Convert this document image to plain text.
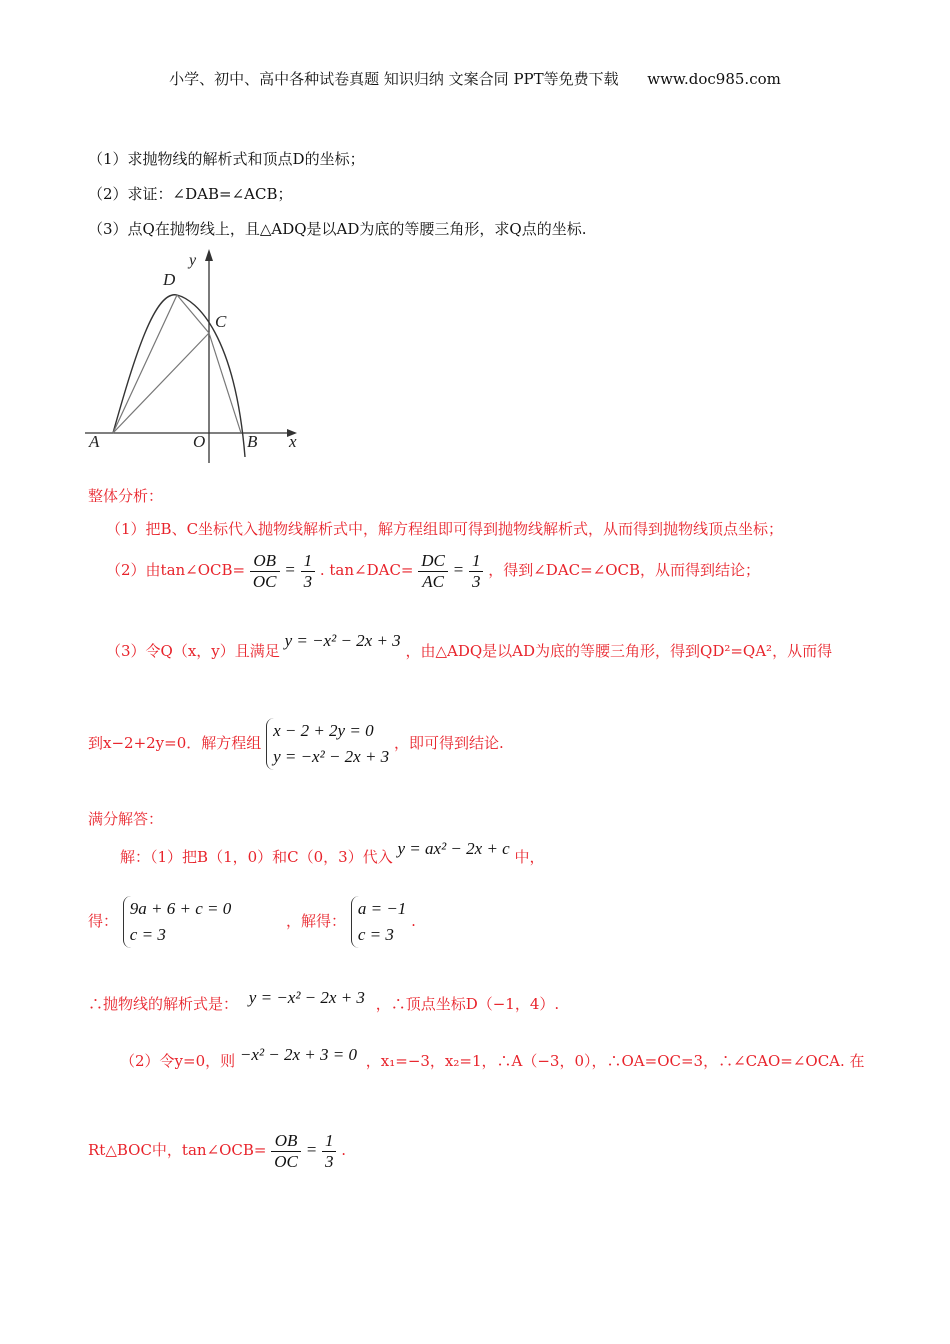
小学、初中、高中各种试卷真题 知识归纳 文案合同 PPT等免费下载 www.doc985.com
（1）求抛物线的解析式和顶点D的坐标；
（2）求证：∠DAB=∠ACB；
（3）点Q在抛物线上，且△ADQ是以AD为底的等腰三角形，求Q点的坐标.
y
D
C
A	O B x
整体分析：
（1）把B、C坐标代入抛物线解析式中，解方程组即可得到抛物线解析式，从而得到抛物线顶点坐标；
（2）由tan∠OCB= $\frac{OB}{OC} = \frac{1}{3}$ . tan∠DAC= $\frac{DC}{AC} = \frac{1}{3}$ ，得到∠DAC=∠OCB，从而得到结论；
（3）令Q（x，y）且满足 y = −x² − 2x + 3 ，由△ADQ是以AD为底的等腰三角形，得到QD²=QA²，从而得
到x−2+2y=0．解方程组
x − 2 + 2y = 0
y = −x² − 2x + 3
，即可得到结论.
满分解答：
解：（1）把B（1，0）和C（0，3）代入 y = ax² − 2x + c 中，
得：
9a + 6 + c = 0
c = 3
，解得：
a = −1
c = 3
.
∴抛物线的解析式是： y = −x² − 2x + 3 ，∴顶点坐标D（−1，4）.
（2）令y=0，则 −x² − 2x + 3 = 0 ，x₁=−3，x₂=1，∴A（−3，0），∴OA=OC=3，∴∠CAO=∠OCA. 在
Rt△BOC中，tan∠OCB= $\frac{OB}{OC} = \frac{1}{3}$ .
